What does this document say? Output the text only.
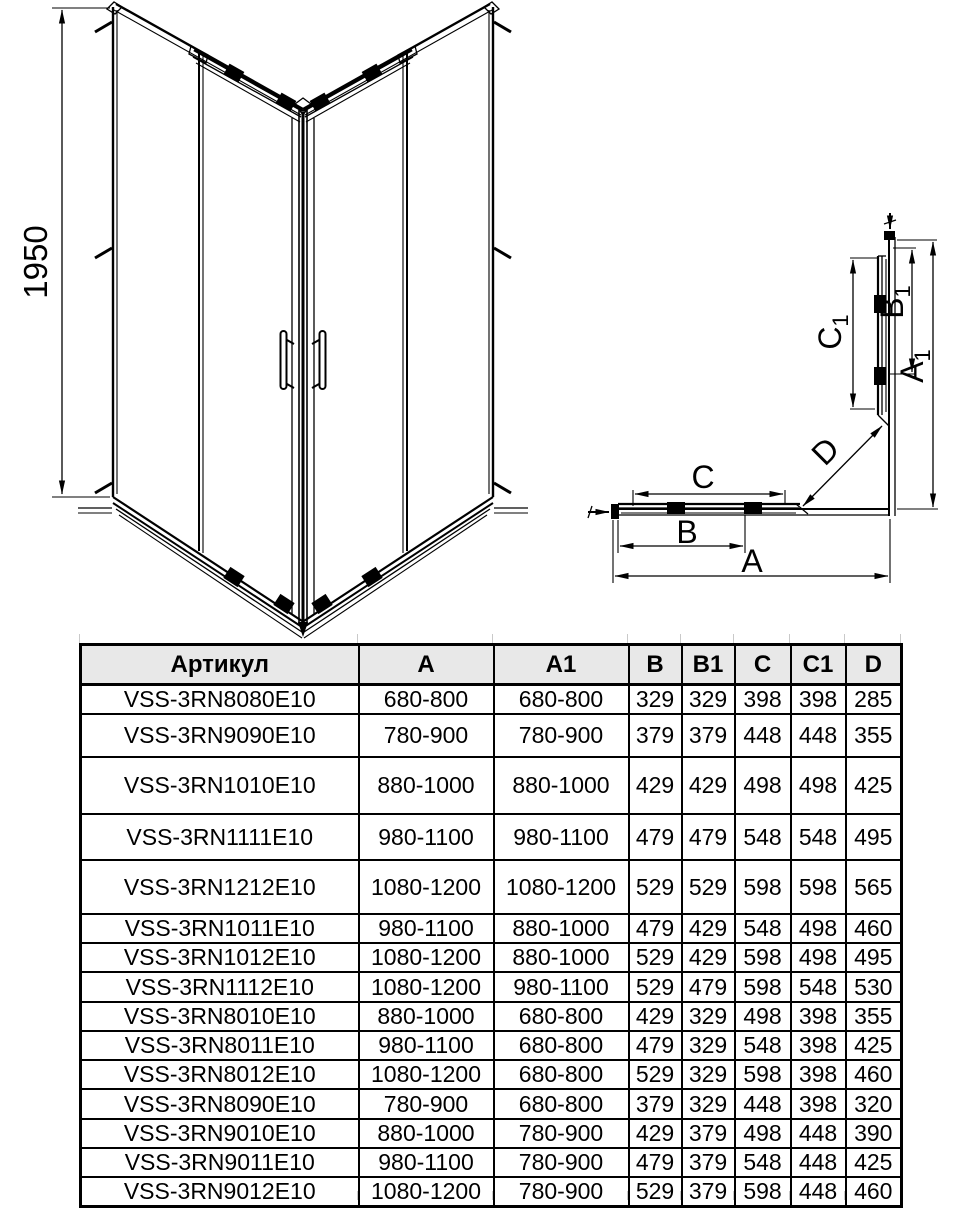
1950
C
B
A
D
$C_1$
$B_1$
$A_1$
Артикул	A	A1	B	B1	C	C1	D
VSS-3RN8080E10	680-800	680-800	329	329	398	398	285
VSS-3RN9090E10	780-900	780-900	379	379	448	448	355
VSS-3RN1010E10	880-1000	880-1000	429	429	498	498	425
VSS-3RN1111E10	980-1100	980-1100	479	479	548	548	495
VSS-3RN1212E10	1080-1200	1080-1200	529	529	598	598	565
VSS-3RN1011E10	980-1100	880-1000	479	429	548	498	460
VSS-3RN1012E10	1080-1200	880-1000	529	429	598	498	495
VSS-3RN1112E10	1080-1200	980-1100	529	479	598	548	530
VSS-3RN8010E10	880-1000	680-800	429	329	498	398	355
VSS-3RN8011E10	980-1100	680-800	479	329	548	398	425
VSS-3RN8012E10	1080-1200	680-800	529	329	598	398	460
VSS-3RN8090E10	780-900	680-800	379	329	448	398	320
VSS-3RN9010E10	880-1000	780-900	429	379	498	448	390
VSS-3RN9011E10	980-1100	780-900	479	379	548	448	425
VSS-3RN9012E10	1080-1200	780-900	529	379	598	448	460
